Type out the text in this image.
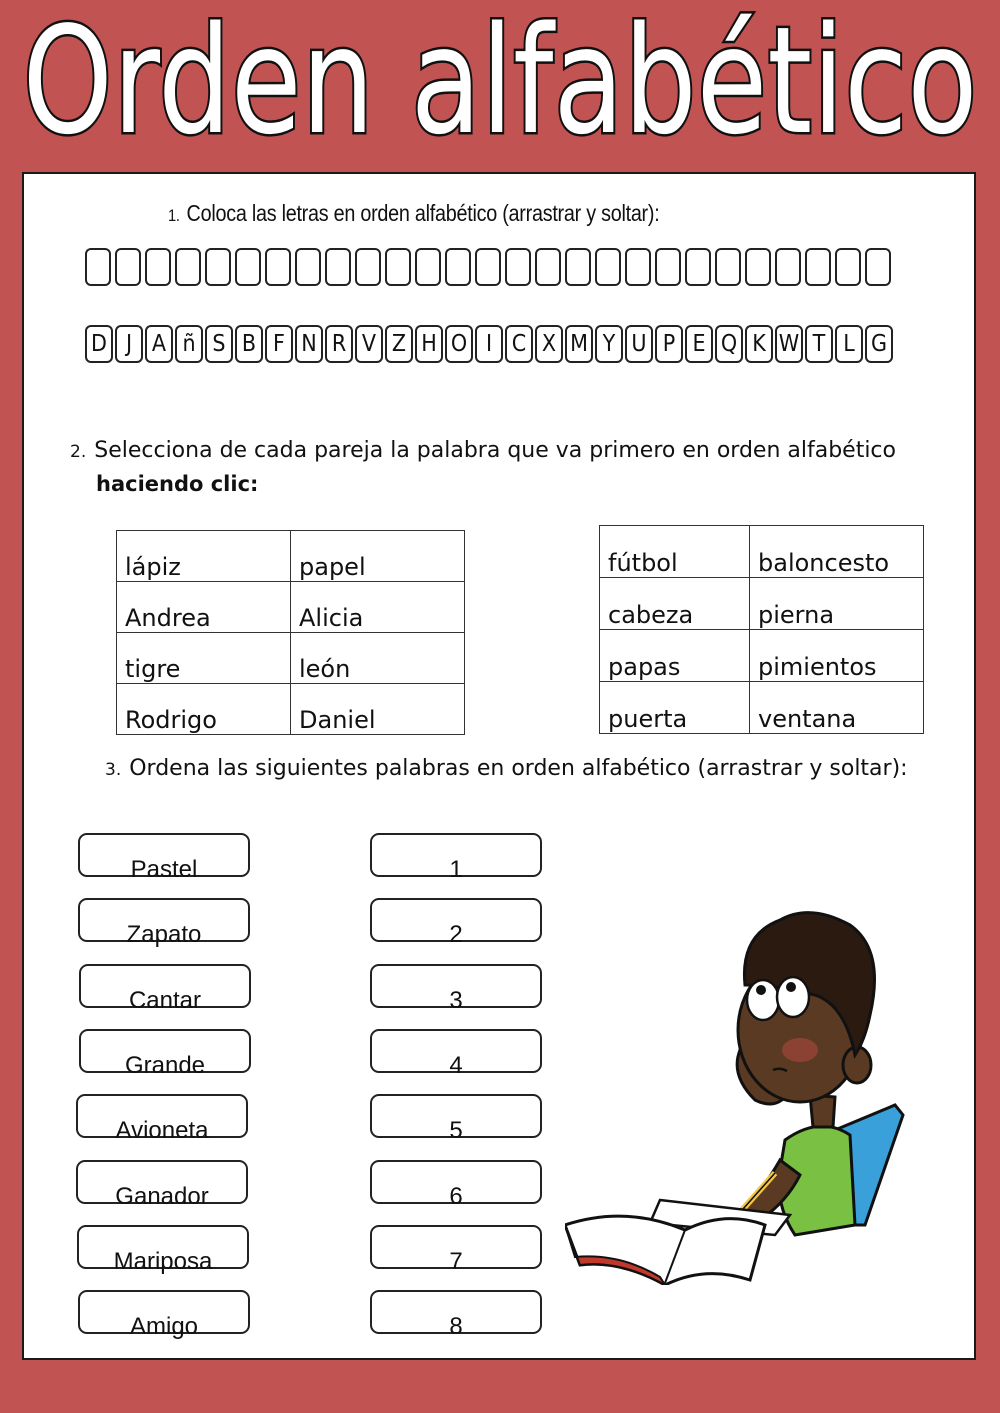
Orden alfabético
1. Coloca las letras en orden alfabético (arrastrar y soltar):
D J A ñ S B F N R V Z H O I C X M Y U P E Q K W T L G
2. Selecciona de cada pareja la palabra que va primero en orden alfabético
haciendo clic:
lápiz	papel
Andrea	Alicia
tigre	león
Rodrigo	Daniel
fútbol	baloncesto
cabeza	pierna
papas	pimientos
puerta	ventana
3. Ordena las siguientes palabras en orden alfabético (arrastrar y soltar):
Pastel
Zapato
Cantar
Grande
Avioneta
Ganador
Mariposa
Amigo
1
2
3
4
5
6
7
8
